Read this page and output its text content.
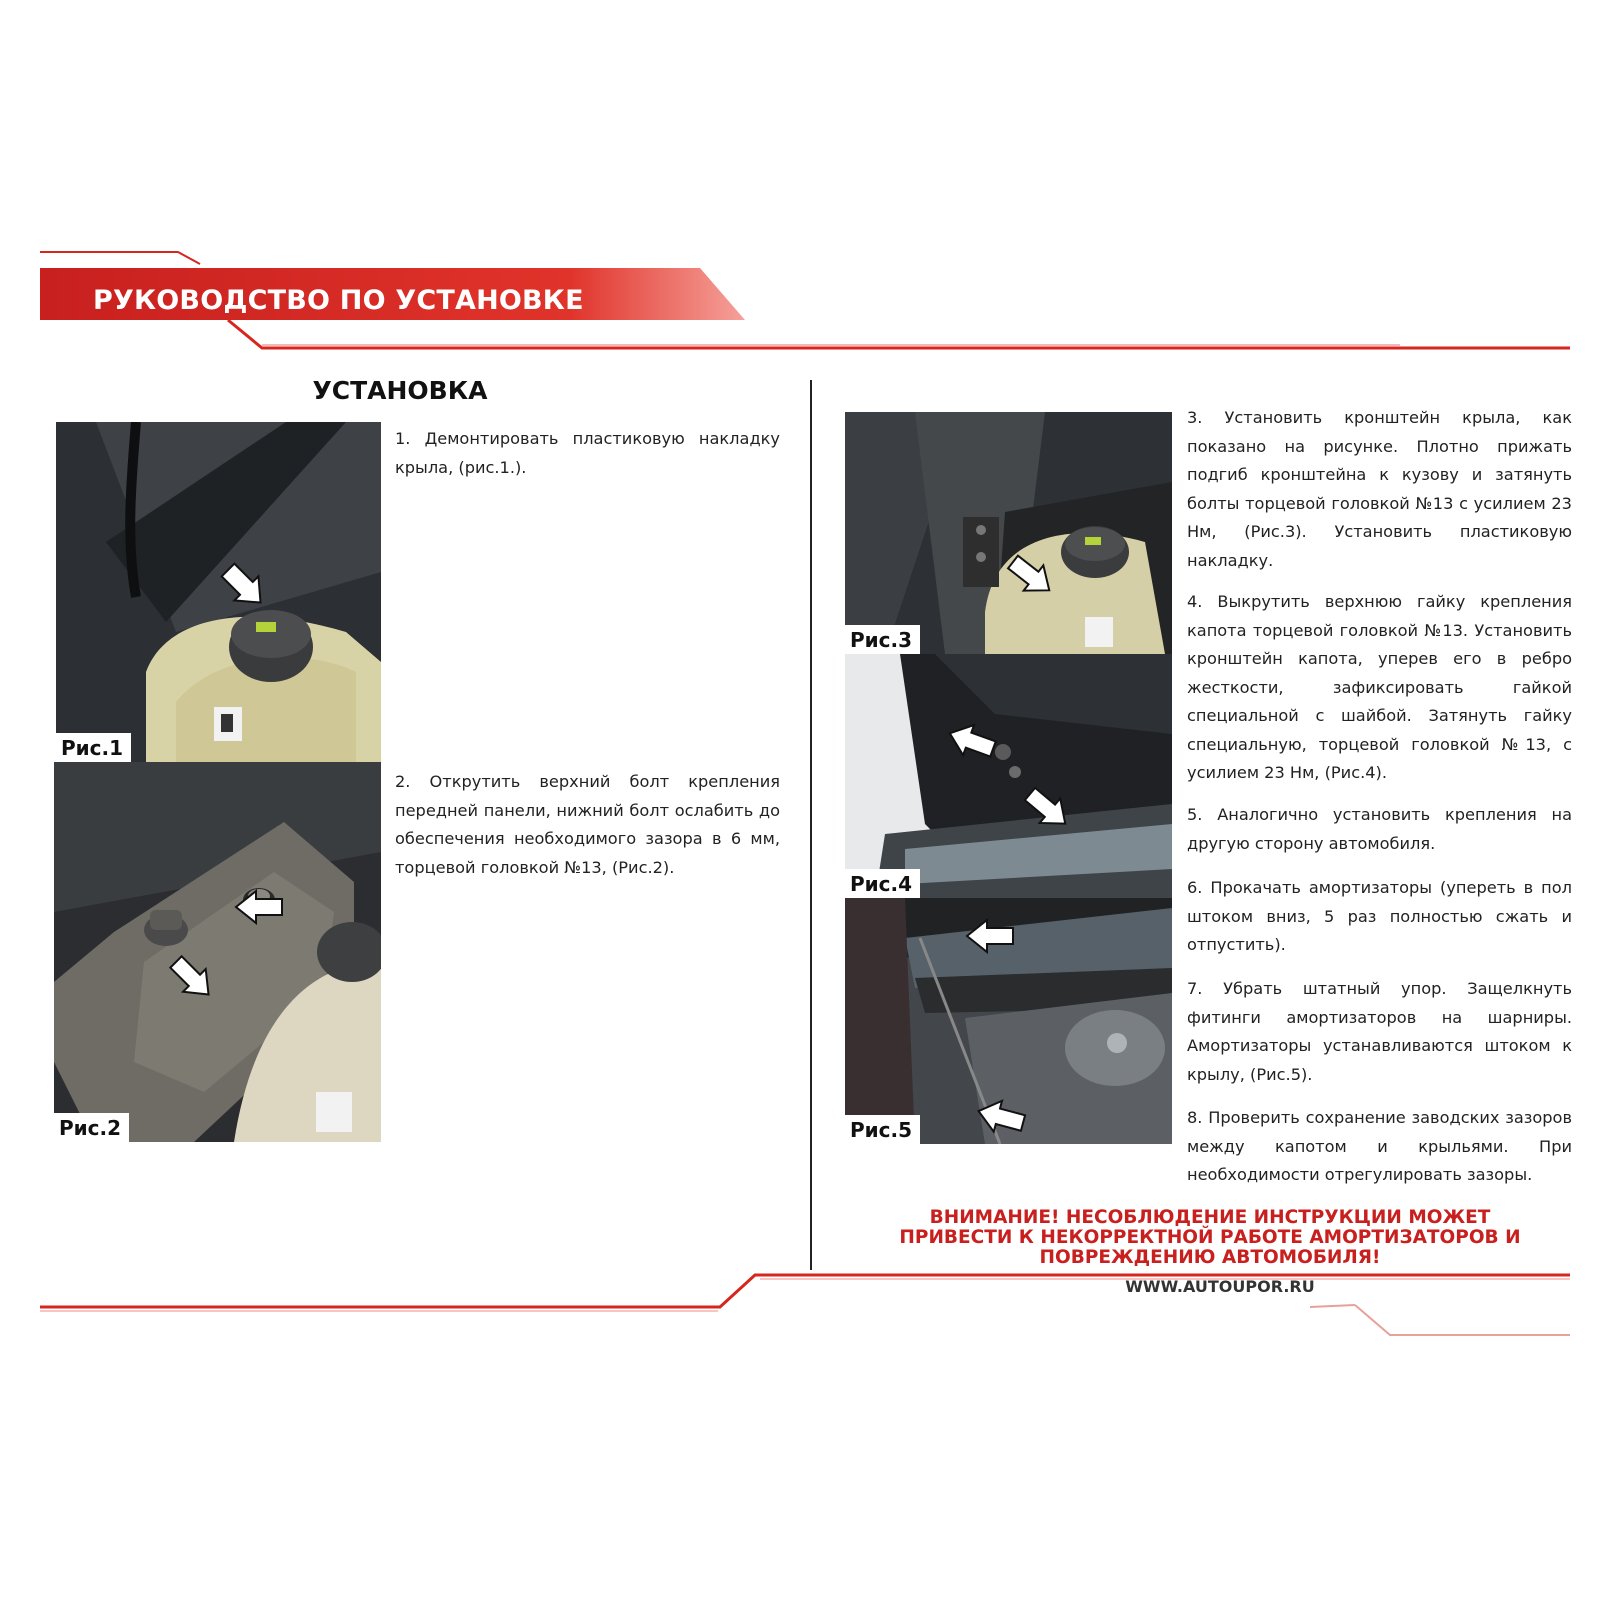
РУКОВОДСТВО ПО УСТАНОВКЕ
УСТАНОВКА
Рис.1
Рис.2
1. Демонтировать пластиковую накладку крыла, (рис.1.).
2. Открутить верхний болт крепления передней панели, нижний болт ослабить до обеспечения необходимого зазора в 6 мм, торцевой головкой №13, (Рис.2).
Рис.3
Рис.4
Рис.5
3. Установить кронштейн крыла, как показано на рисунке. Плотно прижать подгиб кронштейна к кузову и затянуть болты торцевой головкой №13 с усилием 23 Нм, (Рис.3). Установить пластиковую накладку.
4. Выкрутить верхнюю гайку крепления капота торцевой головкой №13. Установить кронштейн капота, уперев его в ребро жесткости, зафиксировать гайкой специальной с шайбой. Затянуть гайку специальную, торцевой головкой №13, с усилием 23 Нм, (Рис.4).
5. Аналогично установить крепления на другую сторону автомобиля.
6. Прокачать амортизаторы (упереть в пол штоком вниз, 5 раз полностью сжать и отпустить).
7. Убрать штатный упор. Защелкнуть фитинги амортизаторов на шарниры. Амортизаторы устанавливаются штоком к крылу, (Рис.5).
8. Проверить сохранение заводских зазоров между капотом и крыльями. При необходимости отрегулировать зазоры.
ВНИМАНИЕ! НЕСОБЛЮДЕНИЕ ИНСТРУКЦИИ МОЖЕТ ПРИВЕСТИ К НЕКОРРЕКТНОЙ РАБОТЕ АМОРТИЗАТОРОВ И ПОВРЕЖДЕНИЮ АВТОМОБИЛЯ!
WWW.AUTOUPOR.RU
